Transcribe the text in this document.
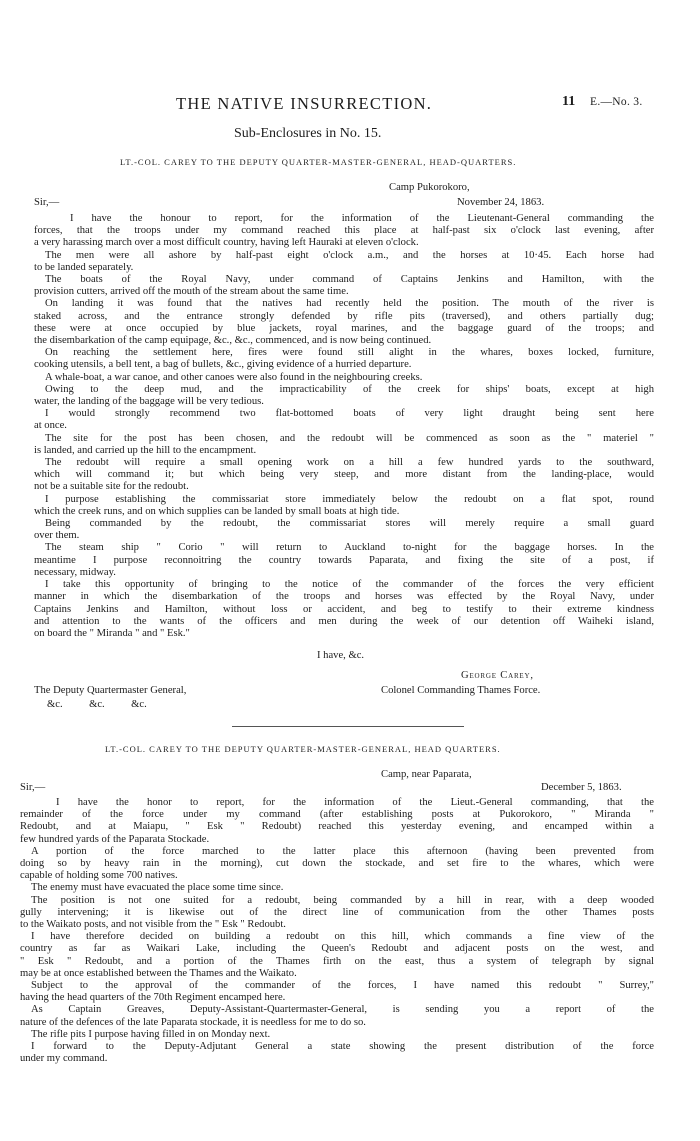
THE NATIVE INSURRECTION.	11 E.—No. 3.
Sub-Enclosures in No. 15.
LT.-COL. CAREY TO THE DEPUTY QUARTER-MASTER-GENERAL, HEAD-QUARTERS.
Camp Pukorokoro,
Sir,—	November 24, 1863.
I have the honour to report, for the information of the Lieutenant-General commanding the
forces, that the troops under my command reached this place at half-past six o'clock last evening, after
a very harassing march over a most difficult country, having left Hauraki at eleven o'clock.
The men were all ashore by half-past eight o'clock a.m., and the horses at 10·45. Each horse had
to be landed separately.
The boats of the Royal Navy, under command of Captains Jenkins and Hamilton, with the
provision cutters, arrived off the mouth of the stream about the same time.
On landing it was found that the natives had recently held the position. The mouth of the river is
staked across, and the entrance strongly defended by rifle pits (traversed), and others partially dug;
these were at once occupied by blue jackets, royal marines, and the baggage guard of the troops; and
the disembarkation of the camp equipage, &c., &c., commenced, and is now being continued.
On reaching the settlement here, fires were found still alight in the whares, boxes locked, furniture,
cooking utensils, a bell tent, a bag of bullets, &c., giving evidence of a hurried departure.
A whale-boat, a war canoe, and other canoes were also found in the neighbouring creeks.
Owing to the deep mud, and the impracticability of the creek for ships' boats, except at high
water, the landing of the baggage will be very tedious.
I would strongly recommend two flat-bottomed boats of very light draught being sent here
at once.
The site for the post has been chosen, and the redoubt will be commenced as soon as the " materiel "
is landed, and carried up the hill to the encampment.
The redoubt will require a small opening work on a hill a few hundred yards to the southward,
which will command it; but which being very steep, and more distant from the landing-place, would
not be a suitable site for the redoubt.
I purpose establishing the commissariat store immediately below the redoubt on a flat spot, round
which the creek runs, and on which supplies can be landed by small boats at high tide.
Being commanded by the redoubt, the commissariat stores will merely require a small guard
over them.
The steam ship " Corio " will return to Auckland to-night for the baggage horses. In the
meantime I purpose reconnoitring the country towards Paparata, and fixing the site of a post, if
necessary, midway.
I take this opportunity of bringing to the notice of the commander of the forces the very efficient
manner in which the disembarkation of the troops and horses was effected by the Royal Navy, under
Captains Jenkins and Hamilton, without loss or accident, and beg to testify to their extreme kindness
and attention to the wants of the officers and men during the week of our detention off Waiheki island,
on board the " Miranda " and " Esk."
I have, &c.
George Carey,
Colonel Commanding Thames Force.
The Deputy Quartermaster General,
&c.          &c.          &c.
LT.-COL. CAREY TO THE DEPUTY QUARTER-MASTER-GENERAL, HEAD QUARTERS.
Camp, near Paparata,
Sir,—	December 5, 1863.
I have the honor to report, for the information of the Lieut.-General commanding, that the
remainder of the force under my command (after establishing posts at Pukorokoro, " Miranda "
Redoubt, and at Maiapu, " Esk " Redoubt) reached this yesterday evening, and encamped within a
few hundred yards of the Paparata Stockade.
A portion of the force marched to the latter place this afternoon (having been prevented from
doing so by heavy rain in the morning), cut down the stockade, and set fire to the whares, which were
capable of holding some 700 natives.
The enemy must have evacuated the place some time since.
The position is not one suited for a redoubt, being commanded by a hill in rear, with a deep wooded
gully intervening; it is likewise out of the direct line of communication from the other Thames posts
to the Waikato posts, and not visible from the " Esk " Redoubt.
I have therefore decided on building a redoubt on this hill, which commands a fine view of the
country as far as Waikari Lake, including the Queen's Redoubt and adjacent posts on the west, and
" Esk " Redoubt, and a portion of the Thames firth on the east, thus a system of telegraph by signal
may be at once established between the Thames and the Waikato.
Subject to the approval of the commander of the forces, I have named this redoubt " Surrey,"
having the head quarters of the 70th Regiment encamped here.
As Captain Greaves, Deputy-Assistant-Quartermaster-General, is sending you a report of the
nature of the defences of the late Paparata stockade, it is needless for me to do so.
The rifle pits I purpose having filled in on Monday next.
I forward to the Deputy-Adjutant General a state showing the present distribution of the force
under my command.
